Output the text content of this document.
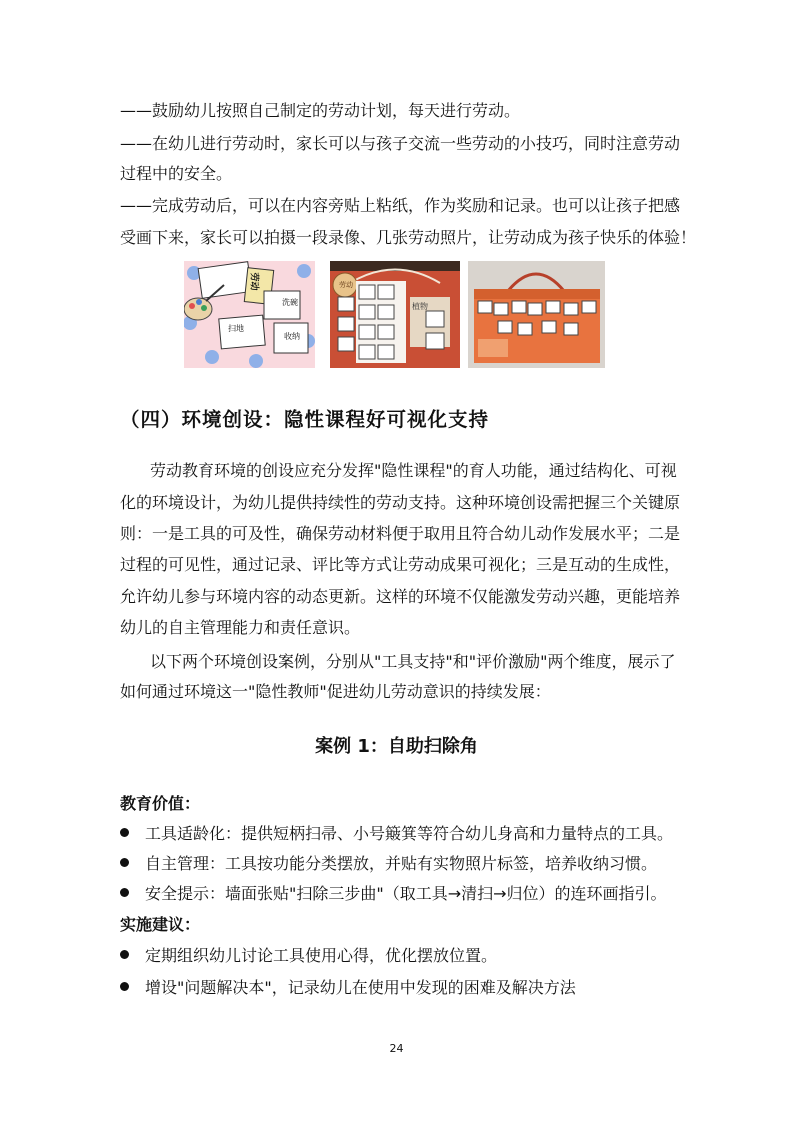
——鼓励幼儿按照自己制定的劳动计划，每天进行劳动。
——在幼儿进行劳动时，家长可以与孩子交流一些劳动的小技巧，同时注意劳动
过程中的安全。
——完成劳动后，可以在内容旁贴上粘纸，作为奖励和记录。也可以让孩子把感
受画下来，家长可以拍摄一段录像、几张劳动照片，让劳动成为孩子快乐的体验！
劳动
洗碗
扫地
收纳
劳动
植物
（四）环境创设：隐性课程好可视化支持
劳动教育环境的创设应充分发挥"隐性课程"的育人功能，通过结构化、可视
化的环境设计，为幼儿提供持续性的劳动支持。这种环境创设需把握三个关键原
则：一是工具的可及性，确保劳动材料便于取用且符合幼儿动作发展水平；二是
过程的可见性，通过记录、评比等方式让劳动成果可视化；三是互动的生成性，
允许幼儿参与环境内容的动态更新。这样的环境不仅能激发劳动兴趣，更能培养
幼儿的自主管理能力和责任意识。
以下两个环境创设案例，分别从"工具支持"和"评价激励"两个维度，展示了
如何通过环境这一"隐性教师"促进幼儿劳动意识的持续发展：
案例 1：自助扫除角
教育价值：
工具适龄化：提供短柄扫帚、小号簸箕等符合幼儿身高和力量特点的工具。
自主管理：工具按功能分类摆放，并贴有实物照片标签，培养收纳习惯。
安全提示：墙面张贴"扫除三步曲"（取工具→清扫→归位）的连环画指引。
实施建议：
定期组织幼儿讨论工具使用心得，优化摆放位置。
增设"问题解决本"，记录幼儿在使用中发现的困难及解决方法
24
